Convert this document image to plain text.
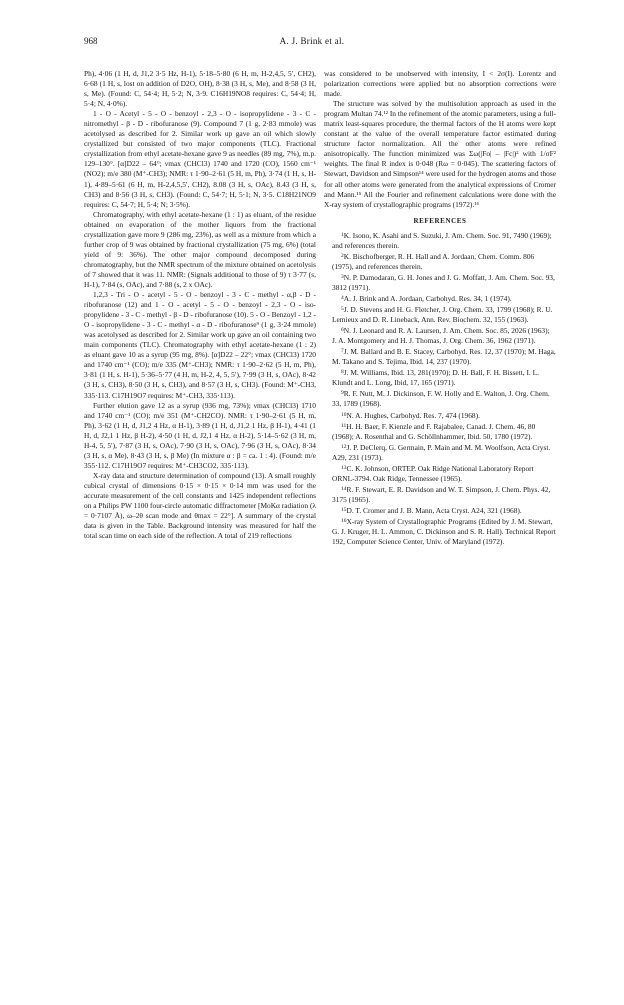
968	A. J. Brink et al.

Ph), 4·06 (1 H, d, J1,2 3·5 Hz, H-1), 5·18–5·80 (6 H, m, H-2,4,5, 5′, CH2), 6·68 (1 H, s, lost on addition of D2O, OH), 8·38 (3 H, s, Me), and 8·58 (3 H, s, Me). (Found: C, 54·4; H, 5·2; N, 3·9. C16H19NO8 requires: C, 54·4; H, 5·4; N, 4·0%).

1 - O - Acetyl - 5 - O - benzoyl - 2,3 - O - isopropylidene - 3 - C - nitromethyl - β - D - ribofuranose (9). Compound 7 (1 g, 2·83 mmole) was acetolysed as described for 2. Similar work up gave an oil which slowly crystallized but consisted of two major components (TLC). Fractional crystallization from ethyl acetate-hexane gave 9 as needles (89 mg, 7%), m.p. 129–130°. [α]D22 – 64°; νmax (CHCl3) 1740 and 1720 (CO), 1560 cm⁻¹ (NO2); m/e 380 (M⁺-CH3); NMR: τ 1·90–2·61 (5 H, m, Ph), 3·74 (1 H, s, H-1), 4·89–5·61 (6 H, m, H-2,4,5,5′, CH2), 8.08 (3 H, s, OAc), 8.43 (3 H, s, CH3) and 8·56 (3 H, s, CH3). (Found: C, 54·7; H, 5·1; N, 3·5. C18H21NO9 requires: C, 54·7; H, 5·4; N; 3·5%).

Chromatography, with ethyl acetate-hexane (1 : 1) as eluant, of the residue obtained on evaporation of the mother liquors from the fractional crystallization gave more 9 (286 mg, 23%), as well as a mixture from which a further crop of 9 was obtained by fractional crystallization (75 mg, 6%) (total yield of 9: 36%). The other major compound decomposed during chromatography, but the NMR spectrum of the mixture obtained on acetolysis of 7 showed that it was 11. NMR: (Signals additional to those of 9) τ 3·77 (s, H-1), 7·84 (s, OAc), and 7·88 (s, 2 x OAc).

1,2,3 - Tri - O - acetyl - 5 - O - benzoyl - 3 - C - methyl - α,β - D - ribofuranose (12) and 1 - O - acetyl - 5 - O - benzoyl - 2,3 - O - iso-propylidene - 3 - C - methyl - β - D - ribofuranose (10). 5 - O - Benzoyl - 1,2 - O - isopropylidene - 3 - C - methyl - α - D - ribofuranose⁹ (1 g, 3·24 mmole) was acetolysed as described for 2. Similar work up gave an oil containing two main components (TLC). Chromatography with ethyl acetate-hexane (1 : 2) as eluant gave 10 as a syrup (95 mg, 8%). [α]D22 – 22°; νmax (CHCl3) 1720 and 1740 cm⁻¹ (CO); m/e 335 (M⁺-CH3); NMR: τ 1·90–2·62 (5 H, m, Ph), 3·81 (1 H, s. H-1), 5·36–5·77 (4 H, m, H-2, 4, 5, 5′), 7·99 (3 H, s, OAc), 8·42 (3 H, s, CH3), 8·50 (3 H, s, CH3), and 8·57 (3 H, s, CH3). (Found: M⁺-CH3, 335·113. C17H19O7 requires: M⁺-CH3, 335·113).

Further elution gave 12 as a syrup (936 mg, 73%); νmax (CHCl3) 1710 and 1740 cm⁻¹ (CO); m/e 351 (M⁺-CH2CO). NMR: τ 1·90–2·61 (5 H, m, Ph), 3·62 (1 H, d, J1,2 4 Hz, α H-1), 3·89 (1 H, d, J1,2 1 Hz, β H-1), 4·41 (1 H, d, J2,1 1 Hz, β H-2), 4·50 (1 H, d, J2,1 4 Hz, α H-2), 5·14–5·62 (3 H, m, H-4, 5, 5′), 7·87 (3 H, s, OAc), 7·90 (3 H, s, OAc), 7·96 (3 H, s, OAc), 8·34 (3 H, s, α Me), 8·43 (3 H, s, β Me) (In mixture α : β = ca. 1 : 4). (Found: m/e 355·112. C17H19O7 requires: M⁺-CH3CO2, 335·113).

X-ray data and structure determination of compound (13). A small roughly cubical crystal of dimensions 0·15 × 0·15 × 0·14 mm was used for the accurate measurement of the cell constants and 1425 independent reflections on a Philips PW 1100 four-circle automatic diffractometer [MoKα radiation (λ = 0·7107 Å), ω–2θ scan mode and θmax = 22°]. A summary of the crystal data is given in the Table. Background intensity was measured for half the total scan time on each side of the reflection. A total of 219 reflections

was considered to be unobserved with intensity, I < 2σ(I). Lorentz and polarization corrections were applied but no absorption corrections were made.

The structure was solved by the multisolution approach as used in the program Multan 74.¹² In the refinement of the atomic parameters, using a full-matrix least-squares procedure, the thermal factors of the H atoms were kept constant at the value of the overall temperature factor estimated during structure factor normalization. All the other atoms were refined anisotropically. The function minimized was Σω(|Fo| – |Fc|)² with 1/σF² weights. The final R index is 0·048 (Rω = 0·045). The scattering factors of Stewart, Davidson and Simpson¹⁴ were used for the hydrogen atoms and those for all other atoms were generated from the analytical expressions of Cromer and Mann.¹⁵ All the Fourier and refinement calculations were done with the X-ray system of crystallographic programs (1972).¹⁶

REFERENCES

$^1$K. Isono, K. Asahi and S. Suzuki, J. Am. Chem. Soc. 91, 7490 (1969); and references therein.

$^2$K. Bischofberger, R. H. Hall and A. Jordaan, Chem. Comm. 806 (1975), and references therein.

$^3$N. P. Damodaran, G. H. Jones and J. G. Moffatt, J. Am. Chem. Soc. 93, 3812 (1971).

$^4$A. J. Brink and A. Jordaan, Carbohyd. Res. 34, 1 (1974).

$^5$J. D. Stevens and H. G. Fletcher, J. Org. Chem. 33, 1799 (1968); R. U. Lemieux and D. R. Lineback, Ann. Rev. Biochem. 32, 155 (1963).

$^6$N. J. Leonard and R. A. Laursen, J. Am. Chem. Soc. 85, 2026 (1963); J. A. Montgomery and H. J. Thomas, J. Org. Chem. 36, 1962 (1971).

$^7$J. M. Ballard and B. E. Stacey, Carbohyd. Res. 12, 37 (1970); M. Haga, M. Takano and S. Tejima, Ibid. 14, 237 (1970).

$^8$J. M. Williams, Ibid. 13, 281(1970); D. H. Ball, F. H. Bissett, I. L. Klundt and L. Long, Ibid, 17, 165 (1971).

$^9$R. F. Nutt, M. J. Dickinson, F. W. Holly and E. Walton, J. Org. Chem. 33, 1789 (1968).

$^{10}$N. A. Hughes, Carbohyd. Res. 7, 474 (1968).

$^{11}$H. H. Baer, F. Kienzle and F. Rajabalee, Canad. J. Chem. 46, 80 (1968); A. Rosenthal and G. Schöllnhammer, Ibid. 50, 1780 (1972).

$^{12}$J. P. DeClerq, G. Germain, P. Main and M. M. Woolfson, Acta Cryst. A29, 231 (1973).

$^{13}$C. K. Johnson, ORTEP. Oak Ridge National Laboratory Report ORNL-3794. Oak Ridge, Tennessee (1965).

$^{14}$R. F. Stewart, E. R. Davidson and W. T. Simpson, J. Chem. Phys. 42, 3175 (1965).

$^{15}$D. T. Cromer and J. B. Mann, Acta Cryst. A24, 321 (1968).

$^{16}$X-ray System of Crystallographic Programs (Edited by J. M. Stewart, G. J. Kruger, H. L. Ammon, C. Dickinson and S. R. Hall). Technical Report 192, Computer Science Center, Univ. of Maryland (1972).
